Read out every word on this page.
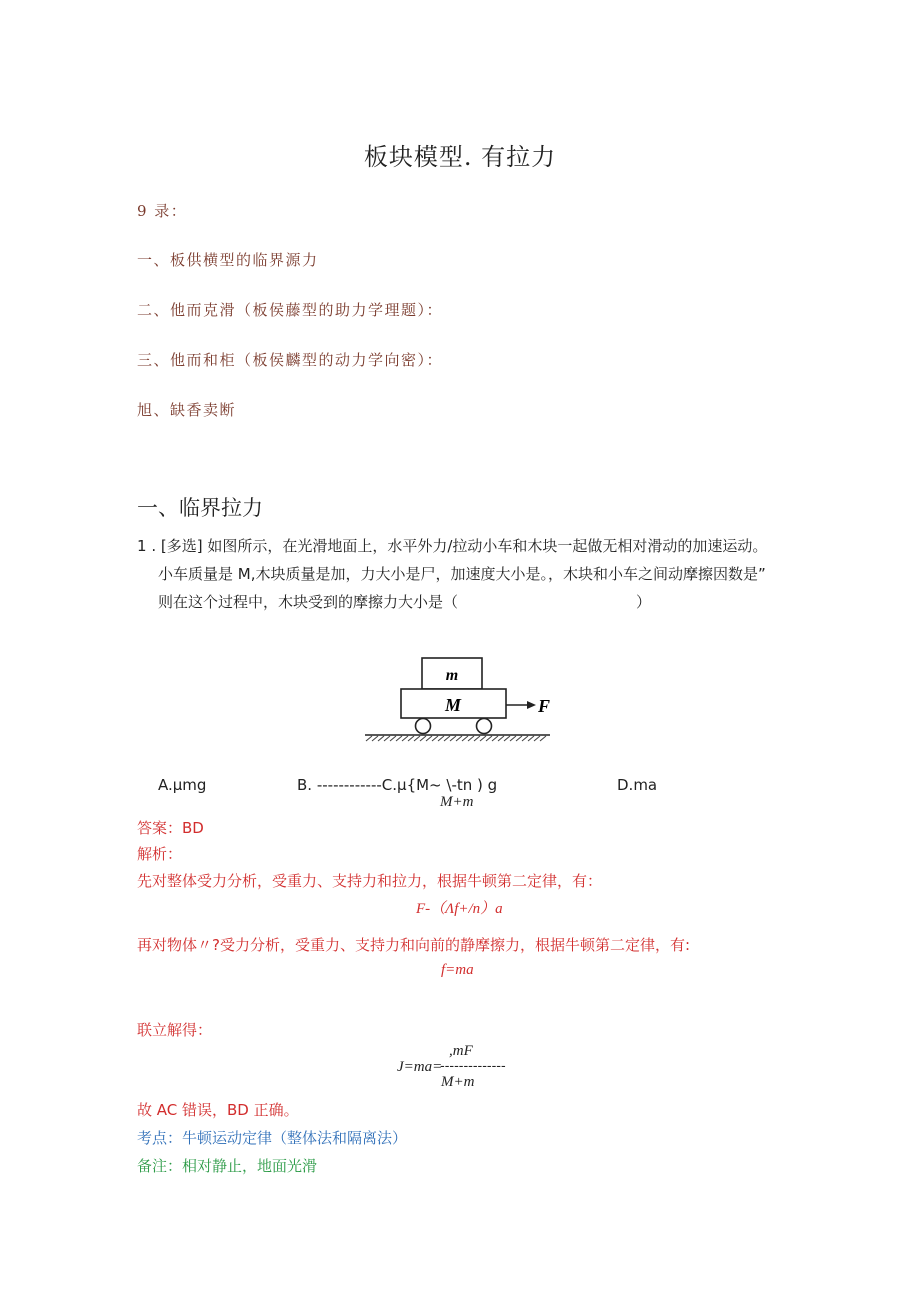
板块模型. 有拉力
9 录：
一、板供横型的临界源力
二、他而克滑（板侯藤型的助力学理题）：
三、他而和柜（板侯麟型的动力学向密）：
旭、缺香卖断
一、临界拉力
1 . [多选] 如图所示，在光滑地面上，水平外力/拉动小车和木块一起做无相对滑动的加速运动。
小车质量是 M,木块质量是加，力大小是尸，加速度大小是。，木块和小车之间动摩擦因数是”
则在这个过程中，木块受到的摩擦力大小是（	）
m
M	F
A.μmg	B. ------------C.μ{M~ \-tn ) g
M+m
D.ma
答案：BD
解析：
先对整体受力分析，受重力、支持力和拉力，根据牛顿第二定律，有：
F-（Λf+/n）a
再对物体〃?受力分析，受重力、支持力和向前的静摩擦力，根据牛顿第二定律，有:
f=ma
联立解得：
,mF
J=ma=
--------------
M+m
故 AC 错误，BD 正确。
考点：牛顿运动定律（整体法和隔离法）
备注：相对静止，地面光滑
